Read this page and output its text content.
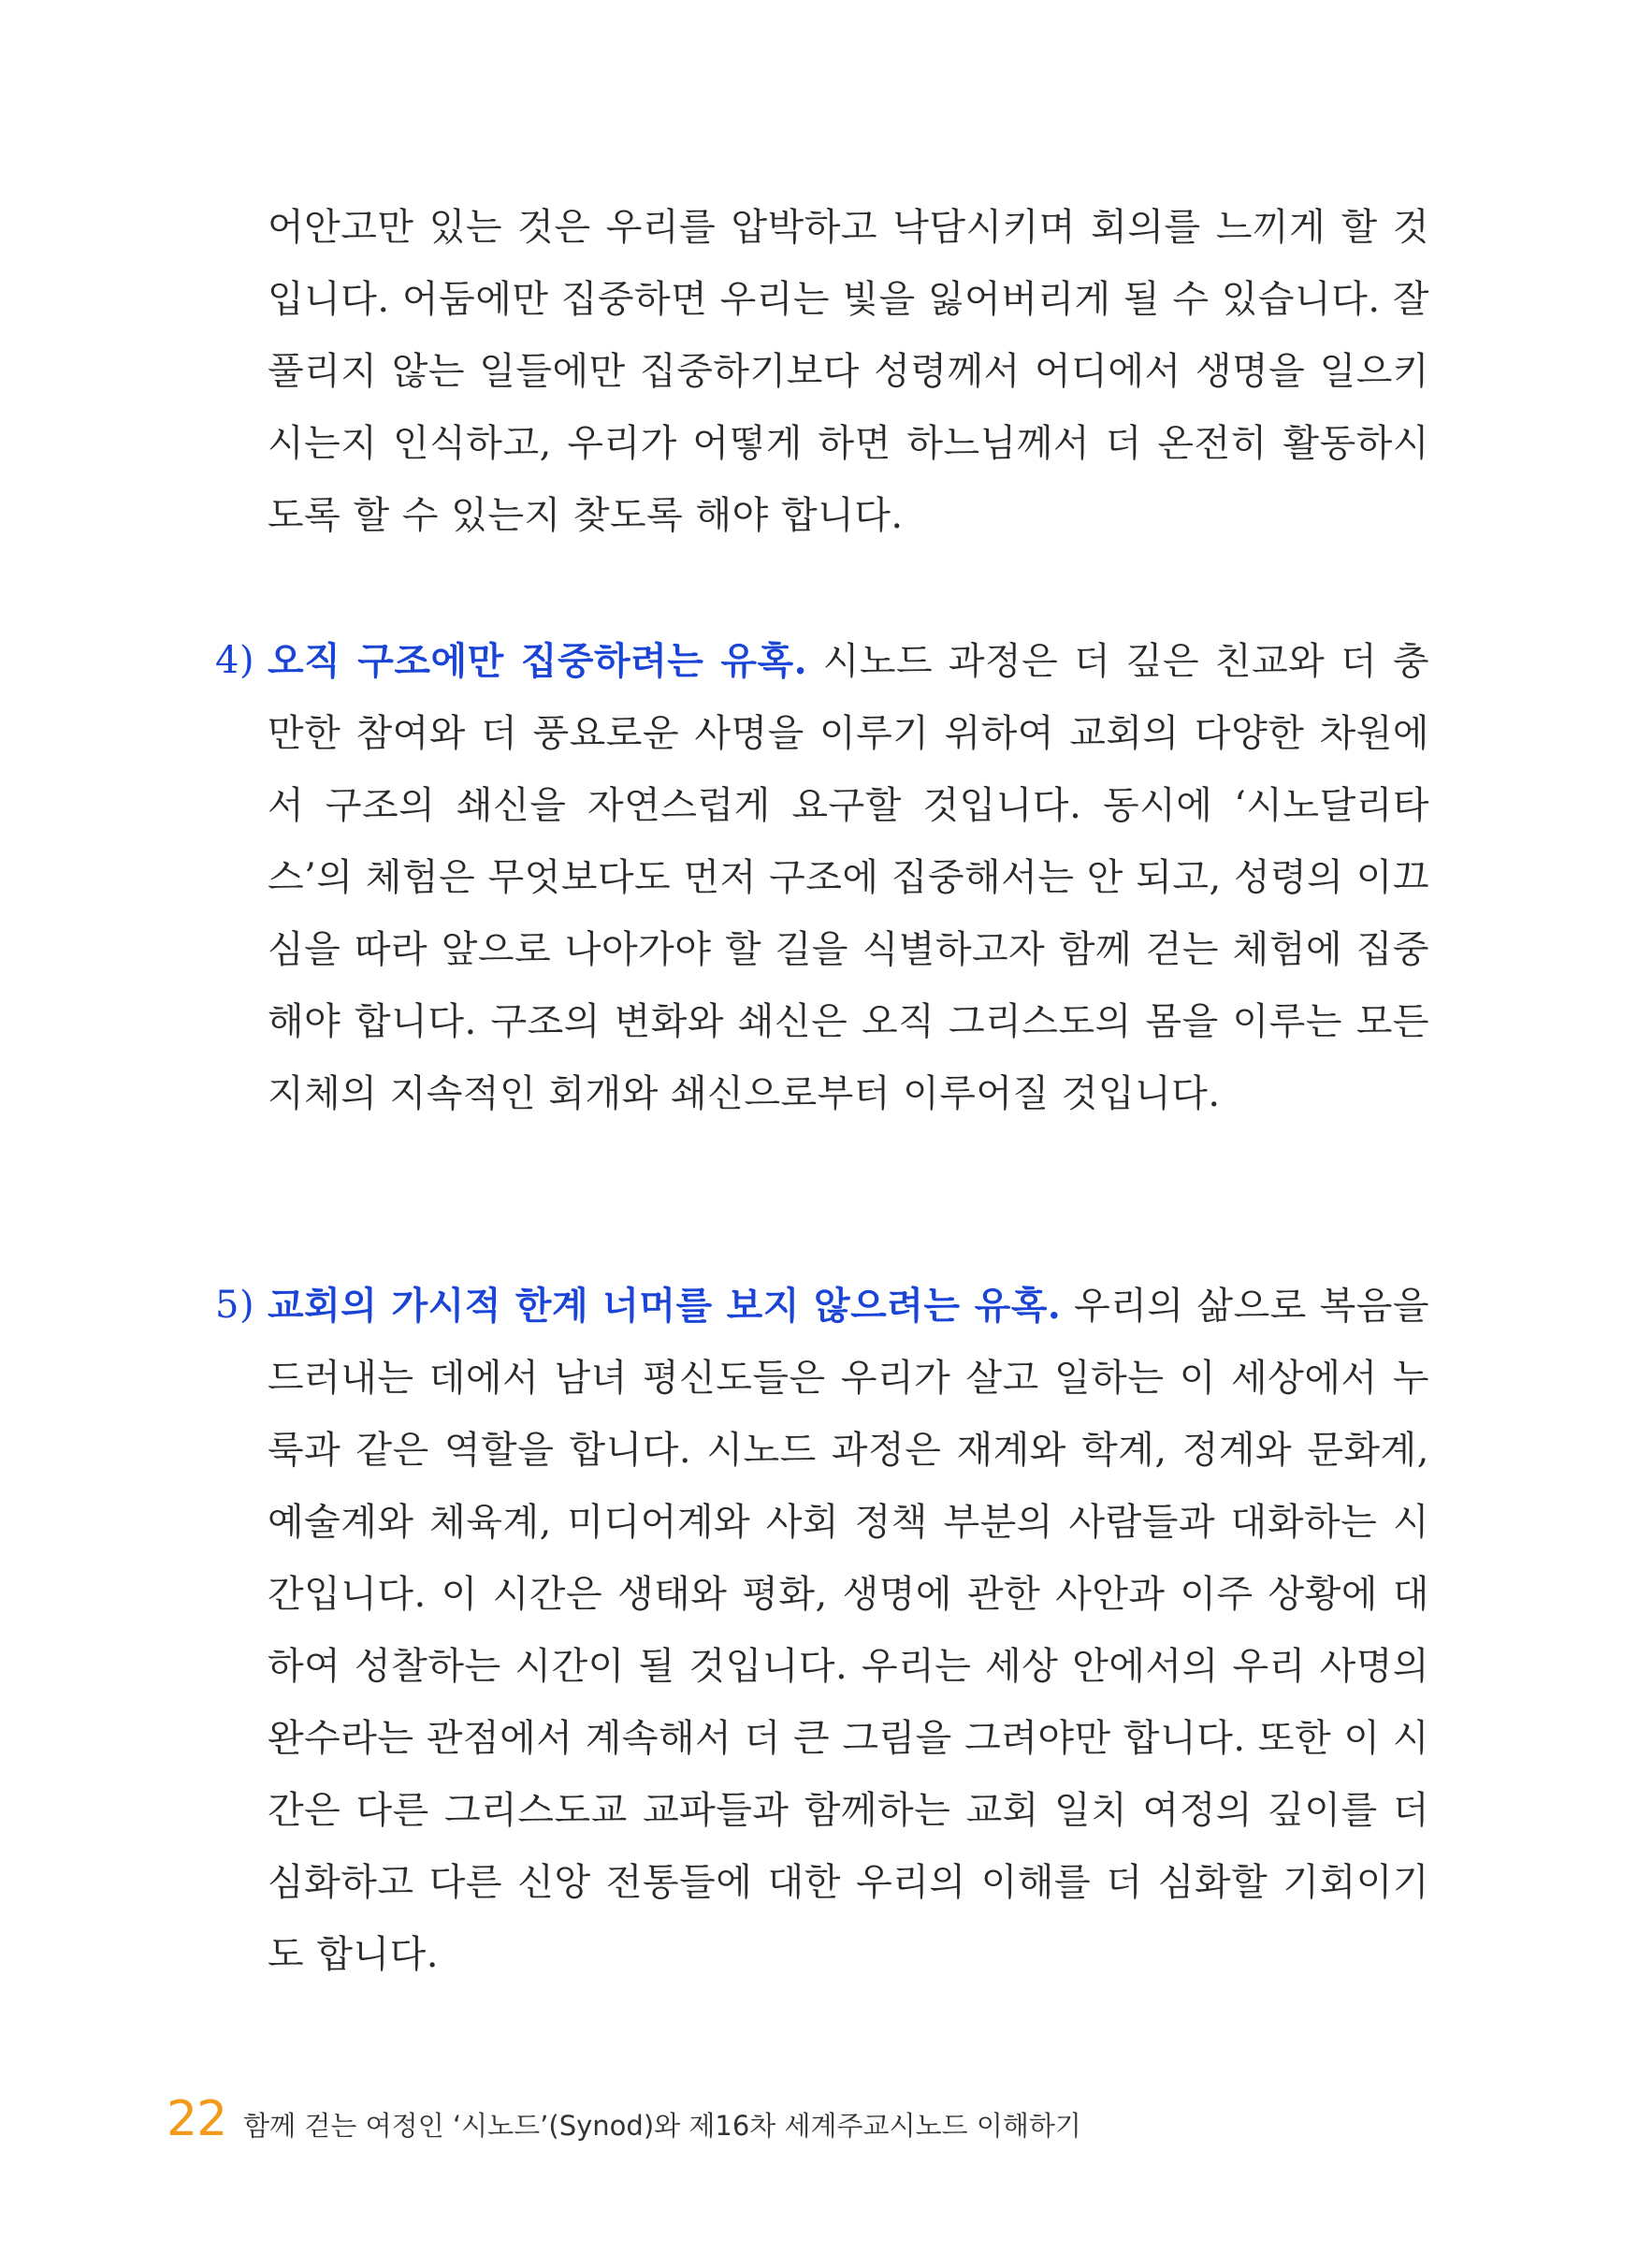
어안고만 있는 것은 우리를 압박하고 낙담시키며 회의를 느끼게 할 것입니다. 어둠에만 집중하면 우리는 빛을 잃어버리게 될 수 있습니다. 잘 풀리지 않는 일들에만 집중하기보다 성령께서 어디에서 생명을 일으키시는지 인식하고, 우리가 어떻게 하면 하느님께서 더 온전히 활동하시도록 할 수 있는지 찾도록 해야 합니다.

4) 오직 구조에만 집중하려는 유혹. 시노드 과정은 더 깊은 친교와 더 충만한 참여와 더 풍요로운 사명을 이루기 위하여 교회의 다양한 차원에서 구조의 쇄신을 자연스럽게 요구할 것입니다. 동시에 ‘시노달리타스’의 체험은 무엇보다도 먼저 구조에 집중해서는 안 되고, 성령의 이끄심을 따라 앞으로 나아가야 할 길을 식별하고자 함께 걷는 체험에 집중해야 합니다. 구조의 변화와 쇄신은 오직 그리스도의 몸을 이루는 모든 지체의 지속적인 회개와 쇄신으로부터 이루어질 것입니다.

5) 교회의 가시적 한계 너머를 보지 않으려는 유혹. 우리의 삶으로 복음을 드러내는 데에서 남녀 평신도들은 우리가 살고 일하는 이 세상에서 누룩과 같은 역할을 합니다. 시노드 과정은 재계와 학계, 정계와 문화계, 예술계와 체육계, 미디어계와 사회 정책 부분의 사람들과 대화하는 시간입니다. 이 시간은 생태와 평화, 생명에 관한 사안과 이주 상황에 대하여 성찰하는 시간이 될 것입니다. 우리는 세상 안에서의 우리 사명의 완수라는 관점에서 계속해서 더 큰 그림을 그려야만 합니다. 또한 이 시간은 다른 그리스도교 교파들과 함께하는 교회 일치 여정의 깊이를 더 심화하고 다른 신앙 전통들에 대한 우리의 이해를 더 심화할 기회이기도 합니다.

22 함께 걷는 여정인 ‘시노드’(Synod)와 제16차 세계주교시노드 이해하기
